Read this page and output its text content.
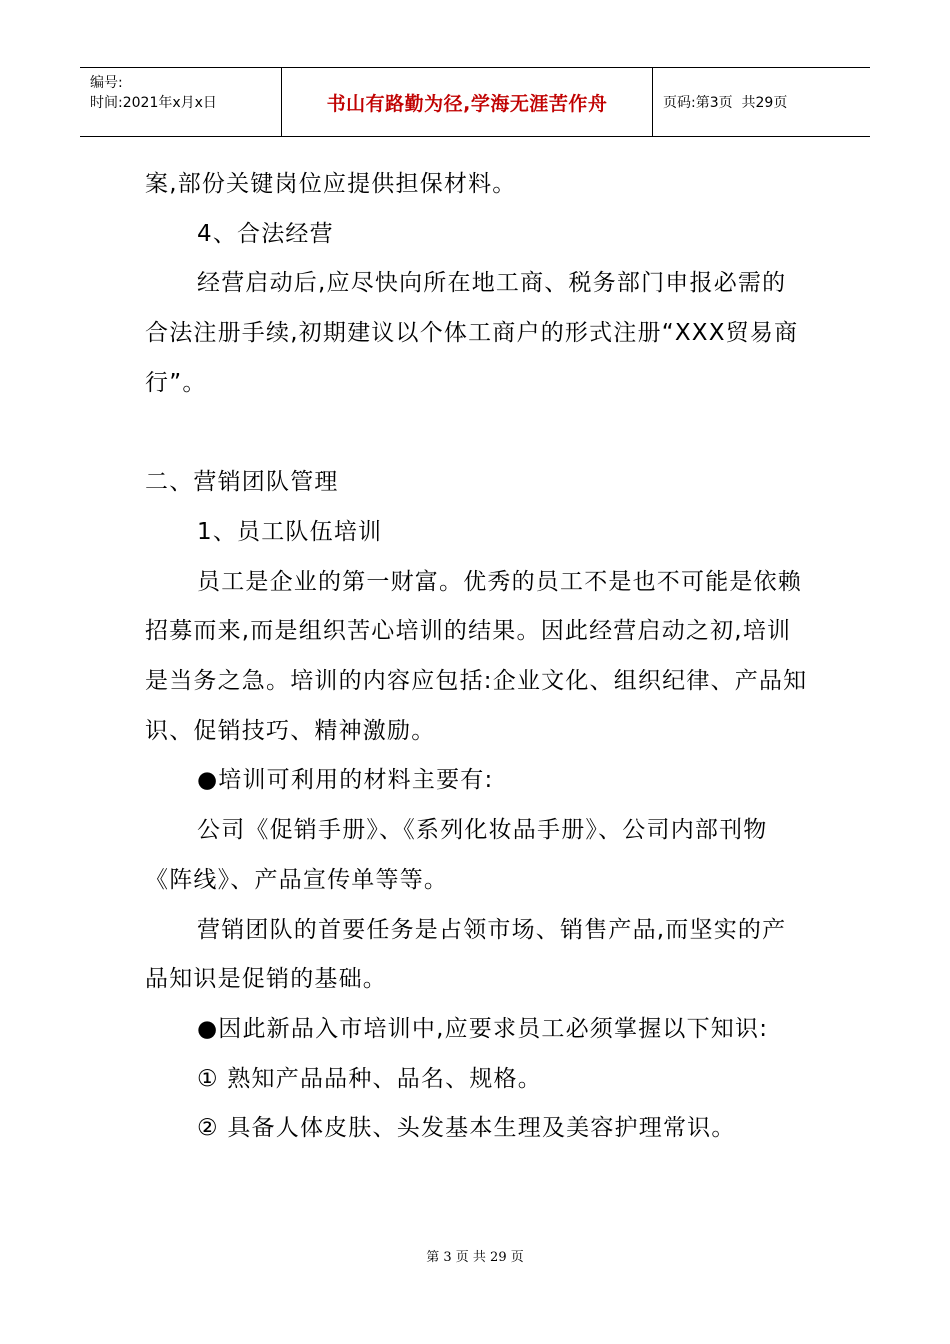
编号:
时间:2021年x月x日	书山有路勤为径,学海无涯苦作舟	页码:第3页  共29页

案,部份关键岗位应提供担保材料。

4、合法经营

经营启动后,应尽快向所在地工商、税务部门申报必需的合法注册手续,初期建议以个体工商户的形式注册“XXX贸易商行”。

二、营销团队管理

1、员工队伍培训

员工是企业的第一财富。优秀的员工不是也不可能是依赖招募而来,而是组织苦心培训的结果。因此经营启动之初,培训是当务之急。培训的内容应包括:企业文化、组织纪律、产品知识、促销技巧、精神激励。

●培训可利用的材料主要有:

公司《促销手册》、《系列化妆品手册》、公司内部刊物《阵线》、产品宣传单等等。

营销团队的首要任务是占领市场、销售产品,而坚实的产品知识是促销的基础。

●因此新品入市培训中,应要求员工必须掌握以下知识:

① 熟知产品品种、品名、规格。

② 具备人体皮肤、头发基本生理及美容护理常识。

第 3 页 共 29 页
